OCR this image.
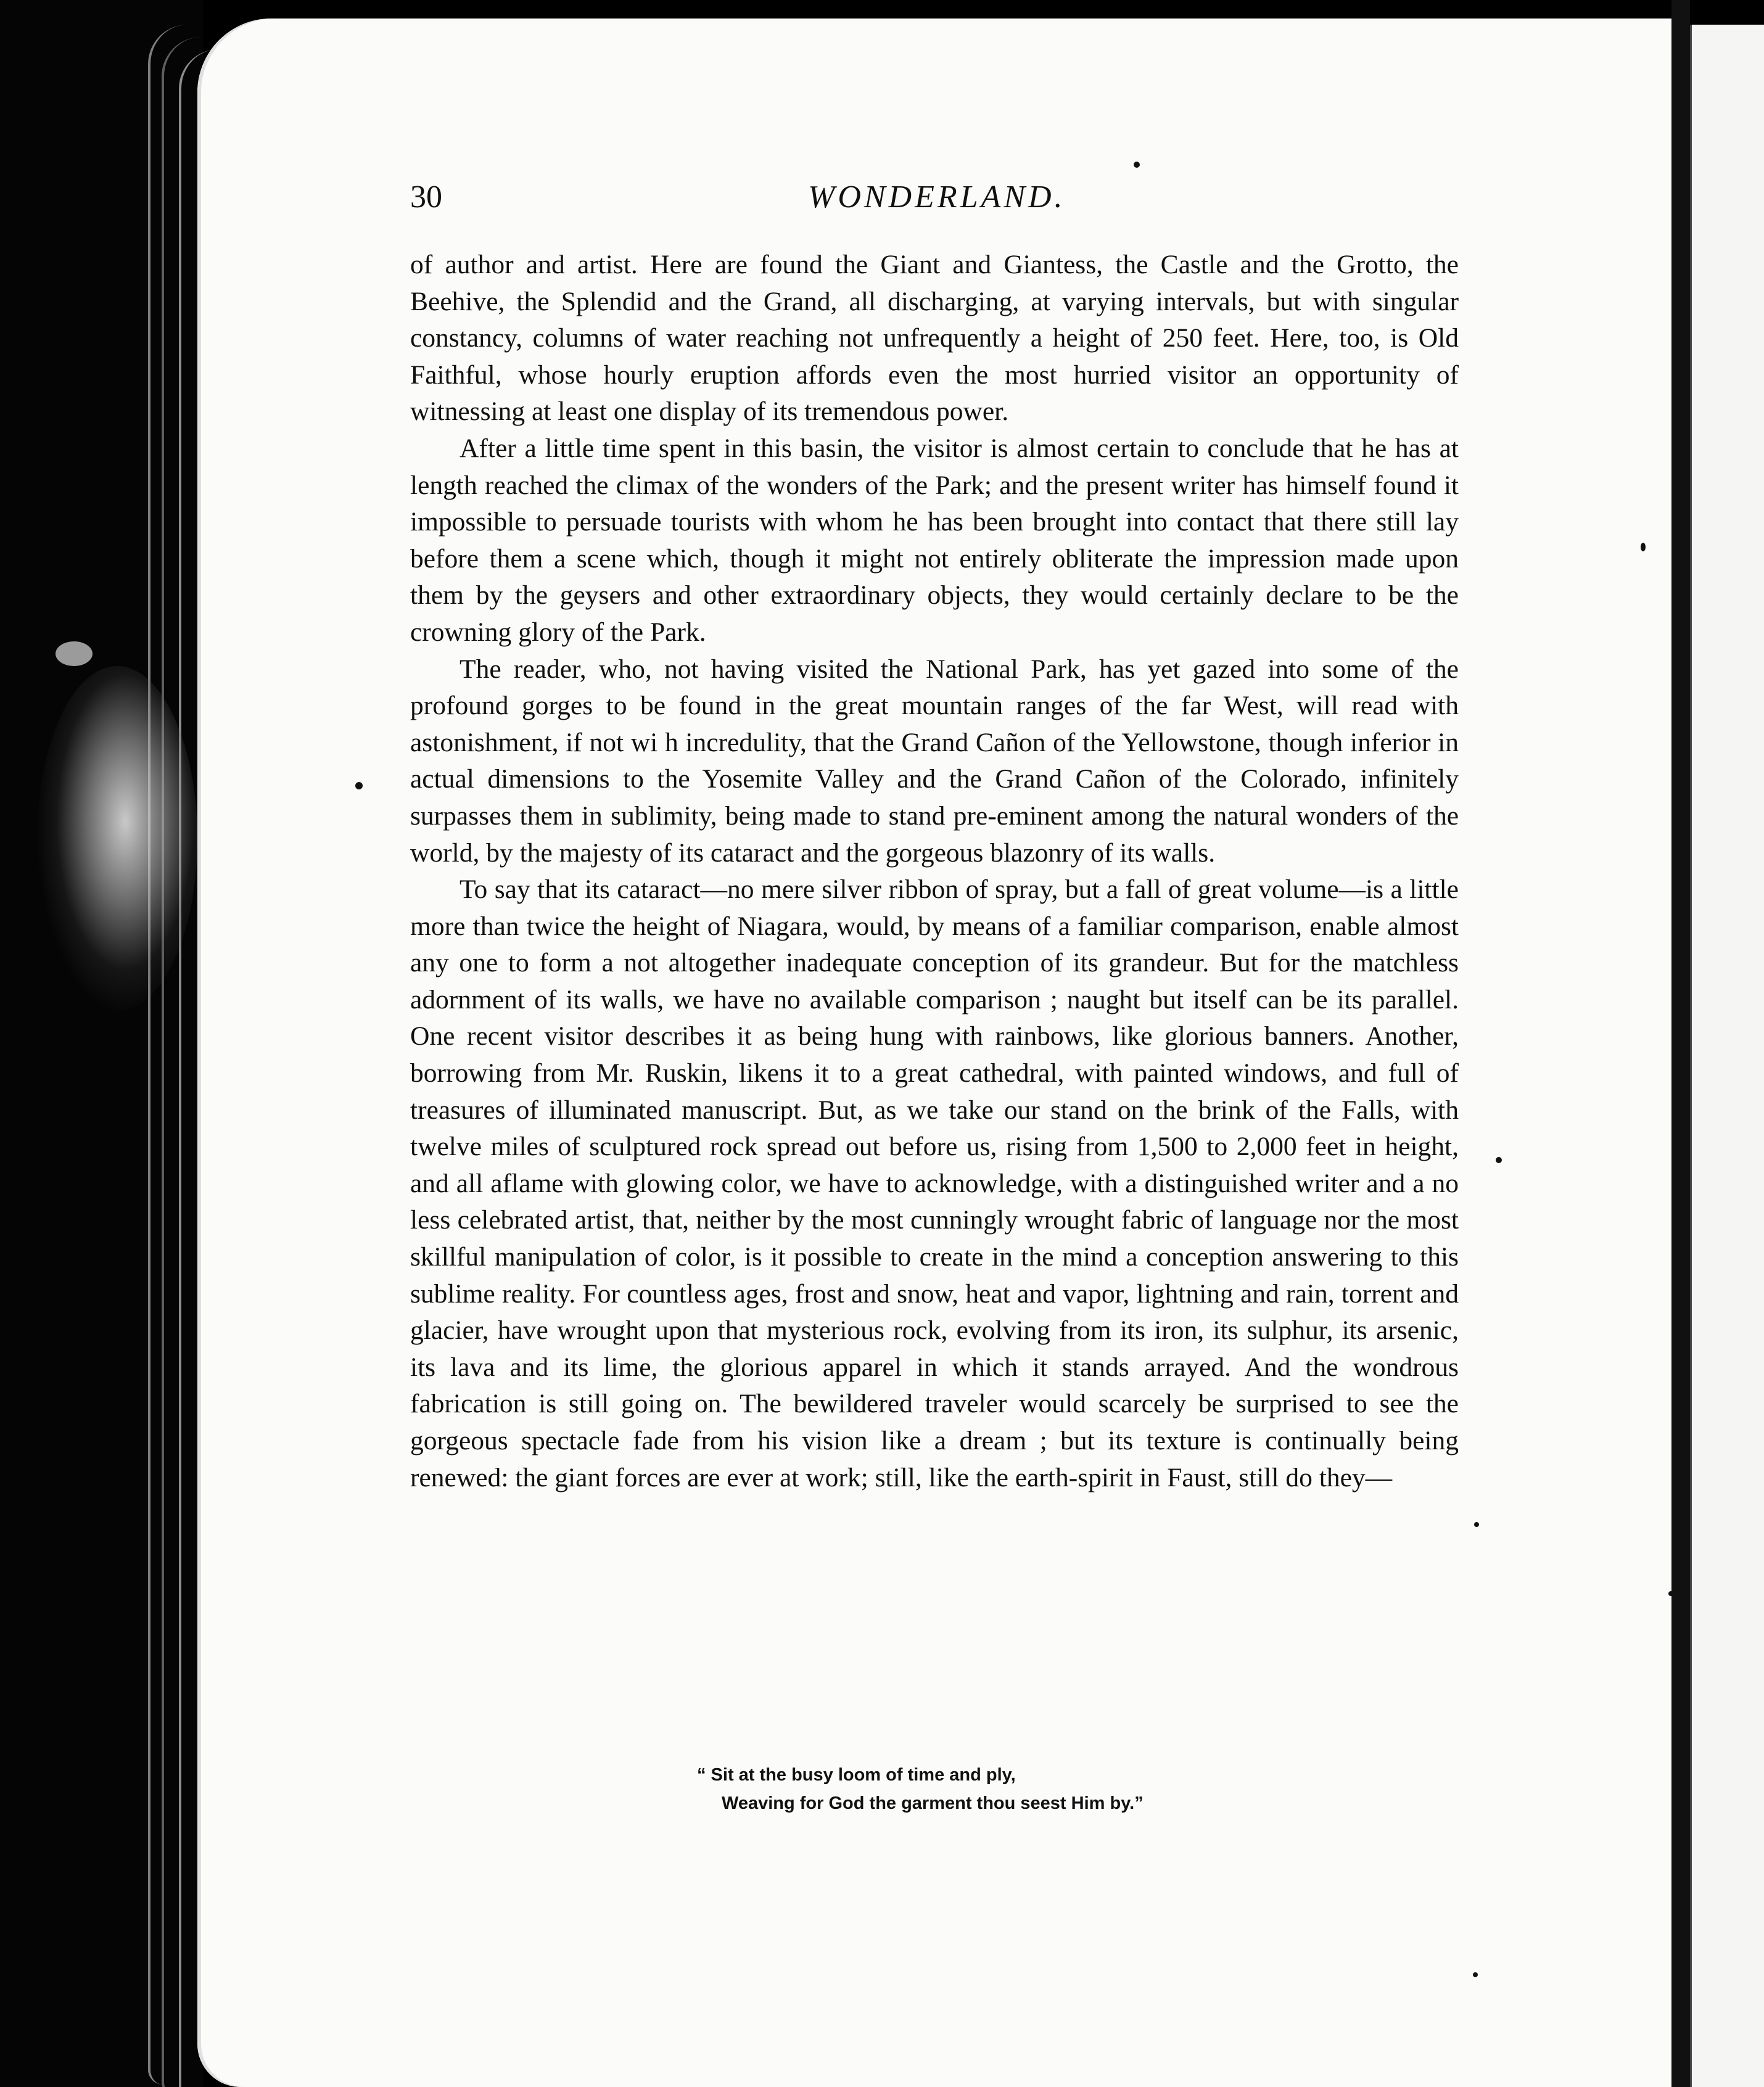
30	WONDERLAND.

of author and artist. Here are found the Giant and Giantess, the Castle and the Grotto, the Beehive, the Splendid and the Grand, all discharging, at varying intervals, but with singular constancy, columns of water reaching not unfrequently a height of 250 feet. Here, too, is Old Faithful, whose hourly eruption affords even the most hurried visitor an opportunity of witnessing at least one display of its tremendous power.

After a little time spent in this basin, the visitor is almost certain to conclude that he has at length reached the climax of the wonders of the Park; and the present writer has himself found it impossible to persuade tourists with whom he has been brought into contact that there still lay before them a scene which, though it might not entirely obliterate the impression made upon them by the geysers and other extraordinary objects, they would certainly declare to be the crowning glory of the Park.

The reader, who, not having visited the National Park, has yet gazed into some of the profound gorges to be found in the great mountain ranges of the far West, will read with astonishment, if not wi h incredulity, that the Grand Cañon of the Yellowstone, though inferior in actual dimensions to the Yosemite Valley and the Grand Cañon of the Colorado, infinitely surpasses them in sublimity, being made to stand pre-eminent among the natural wonders of the world, by the majesty of its cataract and the gorgeous blazonry of its walls.

To say that its cataract—no mere silver ribbon of spray, but a fall of great volume—is a little more than twice the height of Niagara, would, by means of a familiar comparison, enable almost any one to form a not altogether inadequate conception of its grandeur. But for the matchless adornment of its walls, we have no available comparison ; naught but itself can be its parallel. One recent visitor describes it as being hung with rainbows, like glorious banners. Another, borrowing from Mr. Ruskin, likens it to a great cathedral, with painted windows, and full of treasures of illuminated manuscript. But, as we take our stand on the brink of the Falls, with twelve miles of sculptured rock spread out before us, rising from 1,500 to 2,000 feet in height, and all aflame with glowing color, we have to acknowledge, with a distinguished writer and a no less celebrated artist, that, neither by the most cunningly wrought fabric of language nor the most skillful manipulation of color, is it possible to create in the mind a conception answering to this sublime reality. For countless ages, frost and snow, heat and vapor, lightning and rain, torrent and glacier, have wrought upon that mysterious rock, evolving from its iron, its sulphur, its arsenic, its lava and its lime, the glorious apparel in which it stands arrayed. And the wondrous fabrication is still going on. The bewildered traveler would scarcely be surprised to see the gorgeous spectacle fade from his vision like a dream ; but its texture is continually being renewed: the giant forces are ever at work; still, like the earth-spirit in Faust, still do they—

“ Sit at the busy loom of time and ply,
Weaving for God the garment thou seest Him by.”
